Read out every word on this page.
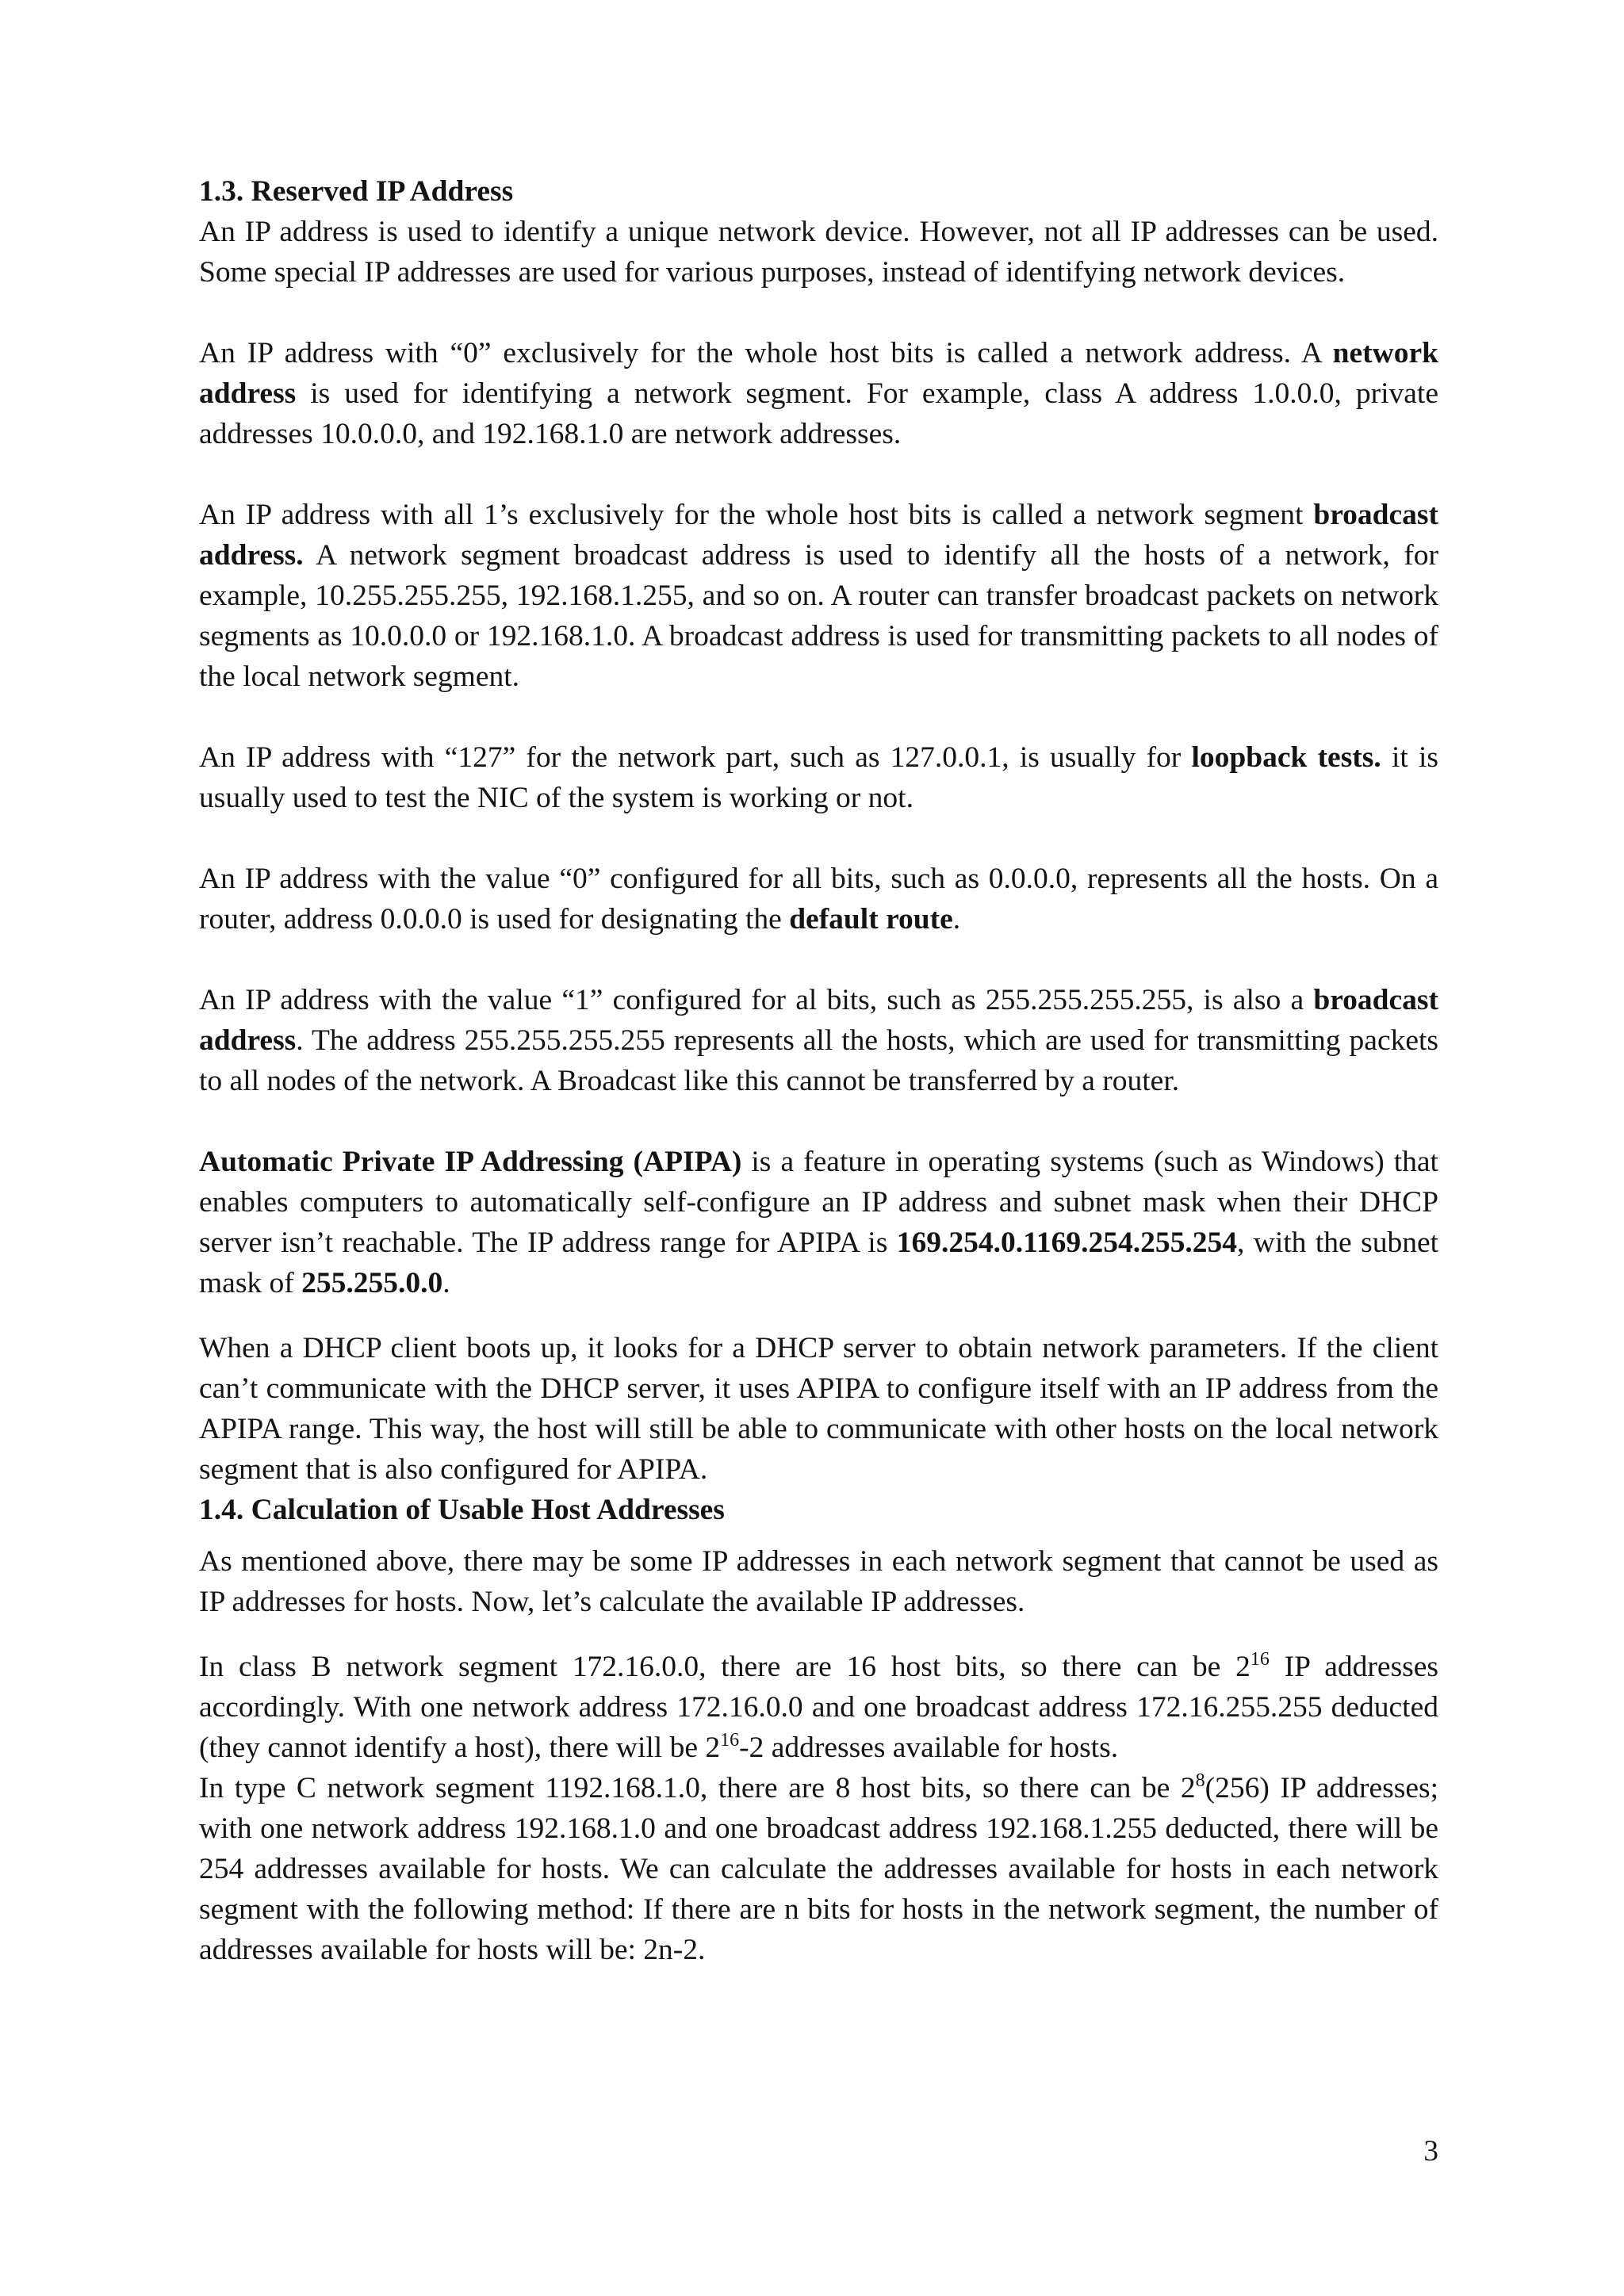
1.3. Reserved IP Address

An IP address is used to identify a unique network device. However, not all IP addresses can be used. Some special IP addresses are used for various purposes, instead of identifying network devices.

An IP address with “0” exclusively for the whole host bits is called a network address. A network address is used for identifying a network segment. For example, class A address 1.0.0.0, private addresses 10.0.0.0, and 192.168.1.0 are network addresses.

An IP address with all 1’s exclusively for the whole host bits is called a network segment broadcast address. A network segment broadcast address is used to identify all the hosts of a network, for example, 10.255.255.255, 192.168.1.255, and so on. A router can transfer broadcast packets on network segments as 10.0.0.0 or 192.168.1.0. A broadcast address is used for transmitting packets to all nodes of the local network segment.

An IP address with “127” for the network part, such as 127.0.0.1, is usually for loopback tests. it is usually used to test the NIC of the system is working or not.

An IP address with the value “0” configured for all bits, such as 0.0.0.0, represents all the hosts. On a router, address 0.0.0.0 is used for designating the default route.

An IP address with the value “1” configured for al bits, such as 255.255.255.255, is also a broadcast address. The address 255.255.255.255 represents all the hosts, which are used for transmitting packets to all nodes of the network. A Broadcast like this cannot be transferred by a router.

Automatic Private IP Addressing (APIPA) is a feature in operating systems (such as Windows) that enables computers to automatically self-configure an IP address and subnet mask when their DHCP server isn’t reachable. The IP address range for APIPA is 169.254.0.1169.254.255.254, with the subnet mask of 255.255.0.0.

When a DHCP client boots up, it looks for a DHCP server to obtain network parameters. If the client can’t communicate with the DHCP server, it uses APIPA to configure itself with an IP address from the APIPA range. This way, the host will still be able to communicate with other hosts on the local network segment that is also configured for APIPA.

1.4. Calculation of Usable Host Addresses

As mentioned above, there may be some IP addresses in each network segment that cannot be used as IP addresses for hosts. Now, let’s calculate the available IP addresses.

In class B network segment 172.16.0.0, there are 16 host bits, so there can be $2^{16}$ IP addresses accordingly. With one network address 172.16.0.0 and one broadcast address 172.16.255.255 deducted (they cannot identify a host), there will be $2^{16}-2$ addresses available for hosts.

In type C network segment 1192.168.1.0, there are 8 host bits, so there can be $2^8(256)$ IP addresses; with one network address 192.168.1.0 and one broadcast address 192.168.1.255 deducted, there will be 254 addresses available for hosts. We can calculate the addresses available for hosts in each network segment with the following method: If there are n bits for hosts in the network segment, the number of addresses available for hosts will be: 2n-2.

3
